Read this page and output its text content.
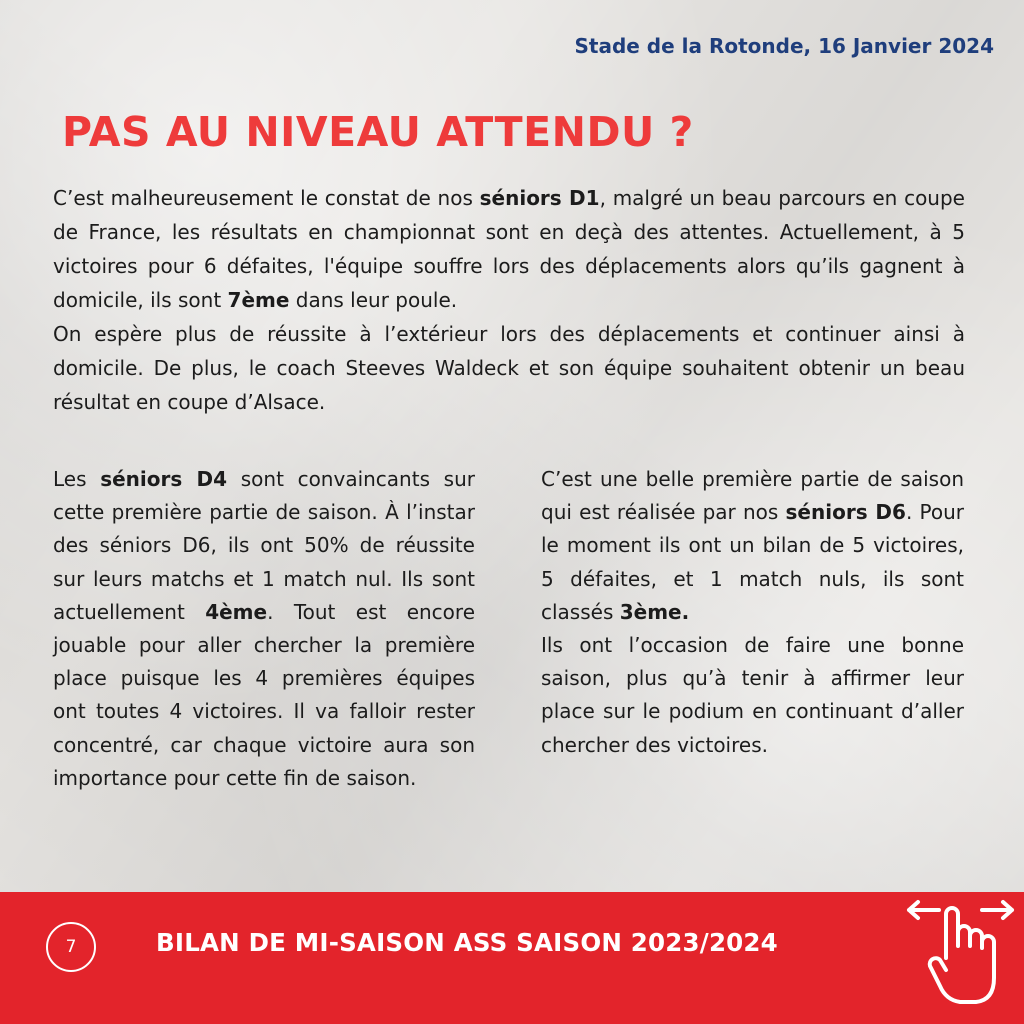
Stade de la Rotonde, 16 Janvier 2024
PAS AU NIVEAU ATTENDU ?
C’est malheureusement le constat de nos séniors D1, malgré un beau parcours en coupe de France, les résultats en championnat sont en deçà des attentes. Actuellement, à 5 victoires pour 6 défaites, l'équipe souffre lors des déplacements alors qu’ils gagnent à domicile, ils sont 7ème dans leur poule.
On espère plus de réussite à l’extérieur lors des déplacements et continuer ainsi à domicile. De plus, le coach Steeves Waldeck et son équipe souhaitent obtenir un beau résultat en coupe d’Alsace.
Les séniors D4 sont convaincants sur cette première partie de saison. À l’instar des séniors D6, ils ont 50% de réussite sur leurs matchs et 1 match nul. Ils sont actuellement 4ème. Tout est encore jouable pour aller chercher la première place puisque les 4 premières équipes ont toutes 4 victoires. Il va falloir rester concentré, car chaque victoire aura son importance pour cette fin de saison.
C’est une belle première partie de saison qui est réalisée par nos séniors D6. Pour le moment ils ont un bilan de 5 victoires, 5 défaites, et 1 match nuls, ils sont classés 3ème.
Ils ont l’occasion de faire une bonne saison, plus qu’à tenir à affirmer leur place sur le podium en continuant d’aller chercher des victoires.
7	BILAN DE MI-SAISON ASS SAISON 2023/2024
